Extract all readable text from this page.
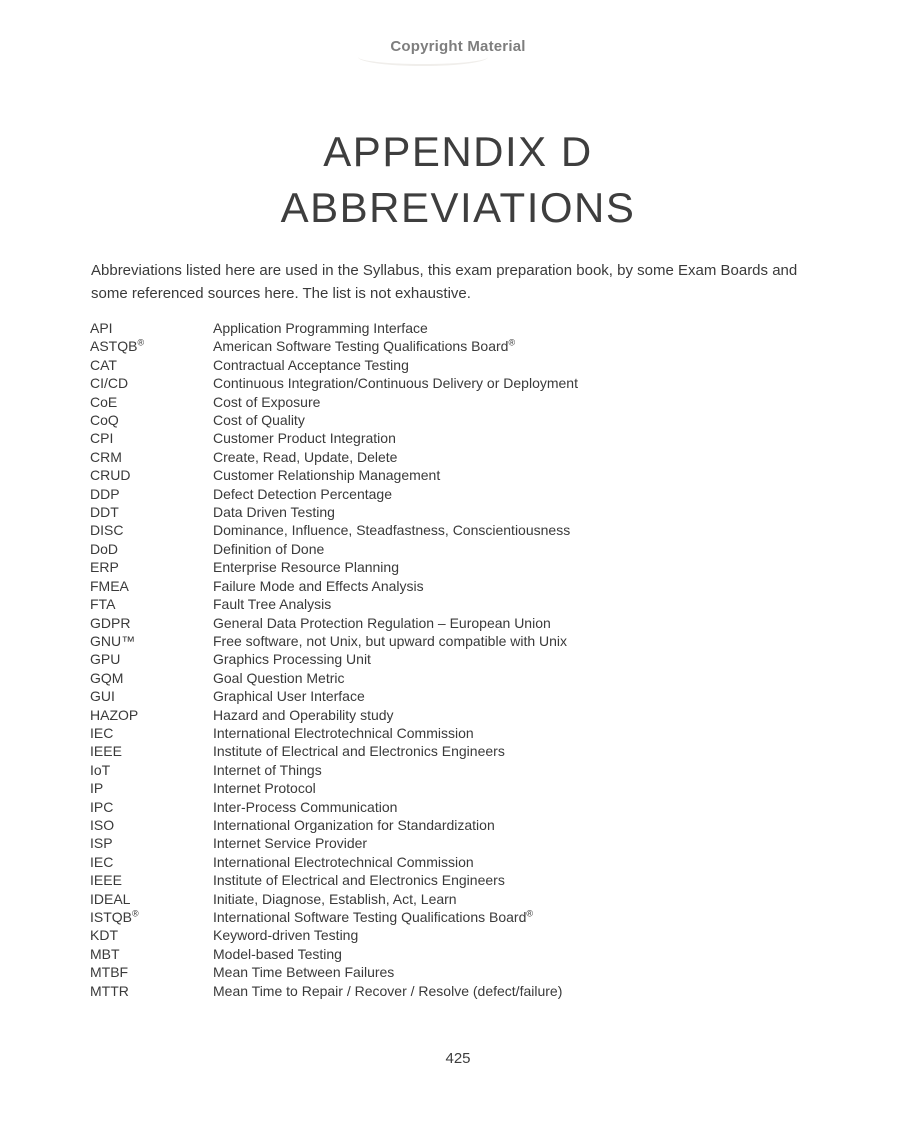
Copyright Material
APPENDIX D
ABBREVIATIONS

Abbreviations listed here are used in the Syllabus, this exam preparation book, by some Exam Boards and some referenced sources here. The list is not exhaustive.

API	Application Programming Interface
ASTQB®	American Software Testing Qualifications Board®
CAT	Contractual Acceptance Testing
CI/CD	Continuous Integration/Continuous Delivery or Deployment
CoE	Cost of Exposure
CoQ	Cost of Quality
CPI	Customer Product Integration
CRM	Create, Read, Update, Delete
CRUD	Customer Relationship Management
DDP	Defect Detection Percentage
DDT	Data Driven Testing
DISC	Dominance, Influence, Steadfastness, Conscientiousness
DoD	Definition of Done
ERP	Enterprise Resource Planning
FMEA	Failure Mode and Effects Analysis
FTA	Fault Tree Analysis
GDPR	General Data Protection Regulation – European Union
GNU™	Free software, not Unix, but upward compatible with Unix
GPU	Graphics Processing Unit
GQM	Goal Question Metric
GUI	Graphical User Interface
HAZOP	Hazard and Operability study
IEC	International Electrotechnical Commission
IEEE	Institute of Electrical and Electronics Engineers
IoT	Internet of Things
IP	Internet Protocol
IPC	Inter-Process Communication
ISO	International Organization for Standardization
ISP	Internet Service Provider
IEC	International Electrotechnical Commission
IEEE	Institute of Electrical and Electronics Engineers
IDEAL	Initiate, Diagnose, Establish, Act, Learn
ISTQB®	International Software Testing Qualifications Board®
KDT	Keyword-driven Testing
MBT	Model-based Testing
MTBF	Mean Time Between Failures
MTTR	Mean Time to Repair / Recover / Resolve (defect/failure)
425
